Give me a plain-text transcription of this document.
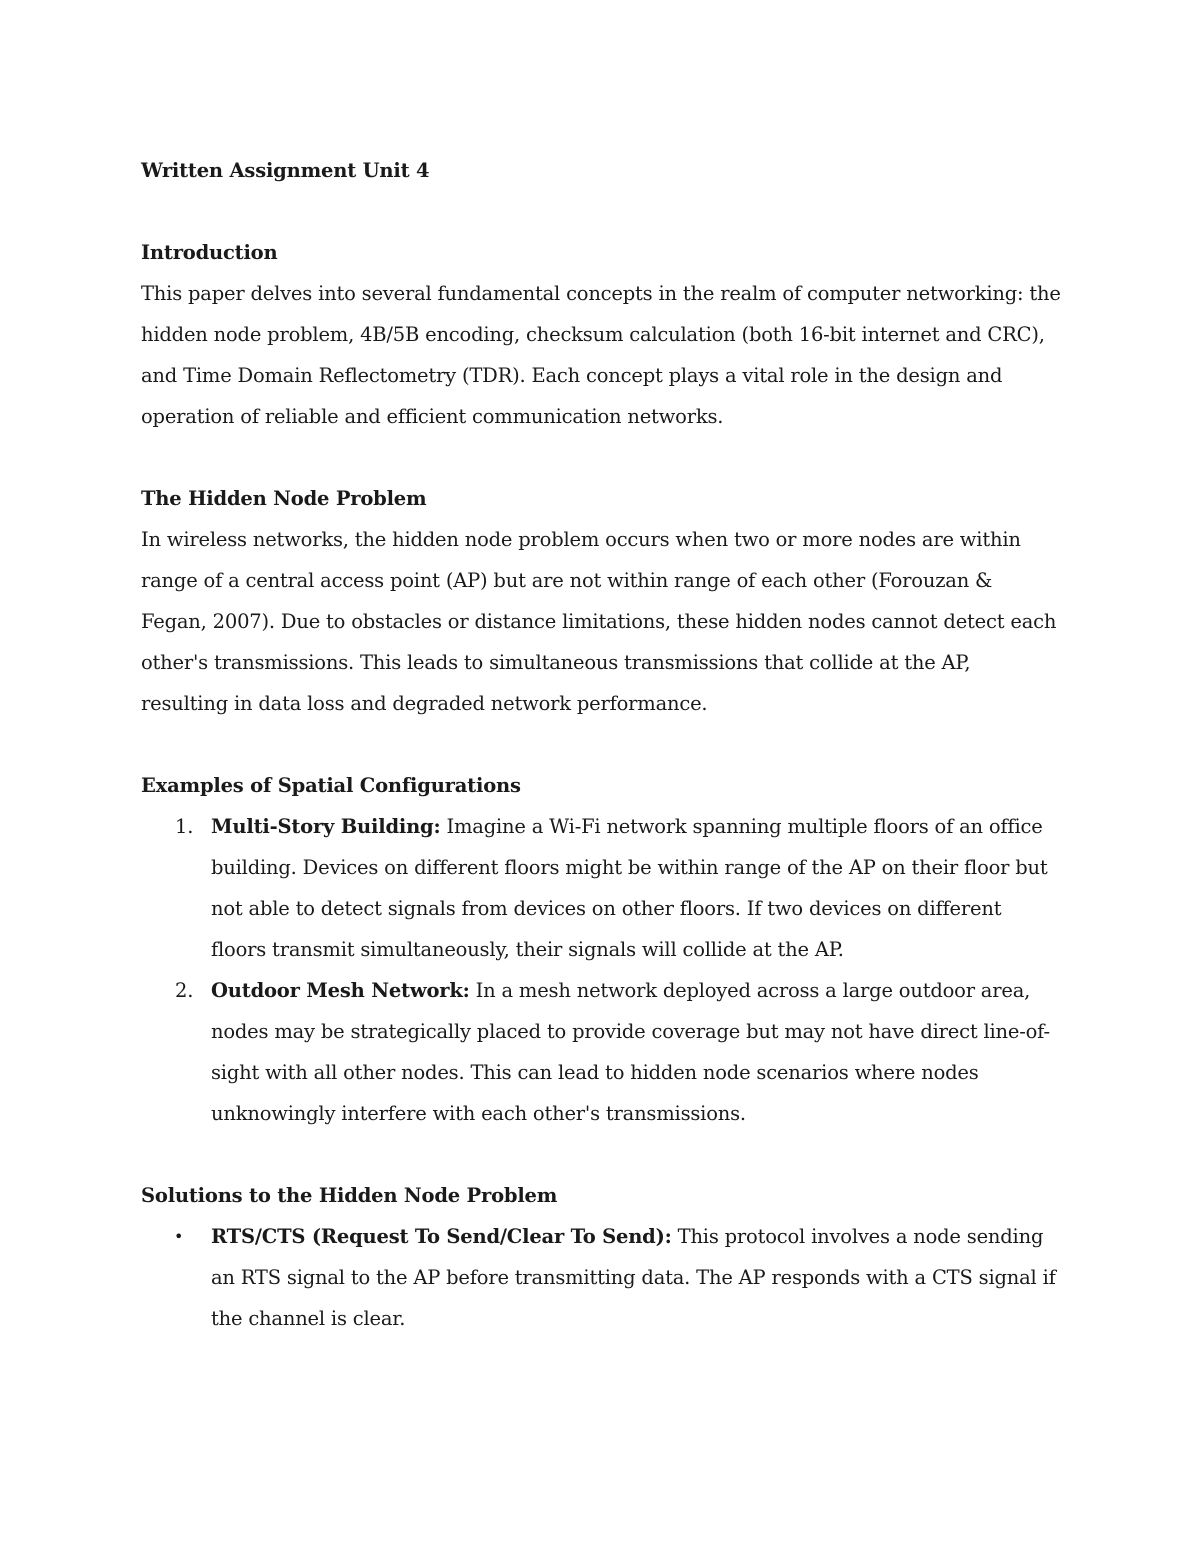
Written Assignment Unit 4

Introduction

This paper delves into several fundamental concepts in the realm of computer networking: the hidden node problem, 4B/5B encoding, checksum calculation (both 16-bit internet and CRC), and Time Domain Reflectometry (TDR). Each concept plays a vital role in the design and operation of reliable and efficient communication networks.

The Hidden Node Problem

In wireless networks, the hidden node problem occurs when two or more nodes are within range of a central access point (AP) but are not within range of each other (Forouzan & Fegan, 2007). Due to obstacles or distance limitations, these hidden nodes cannot detect each other's transmissions. This leads to simultaneous transmissions that collide at the AP, resulting in data loss and degraded network performance.

Examples of Spatial Configurations

1. Multi-Story Building: Imagine a Wi-Fi network spanning multiple floors of an office building. Devices on different floors might be within range of the AP on their floor but not able to detect signals from devices on other floors. If two devices on different floors transmit simultaneously, their signals will collide at the AP.
2. Outdoor Mesh Network: In a mesh network deployed across a large outdoor area, nodes may be strategically placed to provide coverage but may not have direct line-of-sight with all other nodes. This can lead to hidden node scenarios where nodes unknowingly interfere with each other's transmissions.

Solutions to the Hidden Node Problem

• RTS/CTS (Request To Send/Clear To Send): This protocol involves a node sending an RTS signal to the AP before transmitting data. The AP responds with a CTS signal if the channel is clear.
